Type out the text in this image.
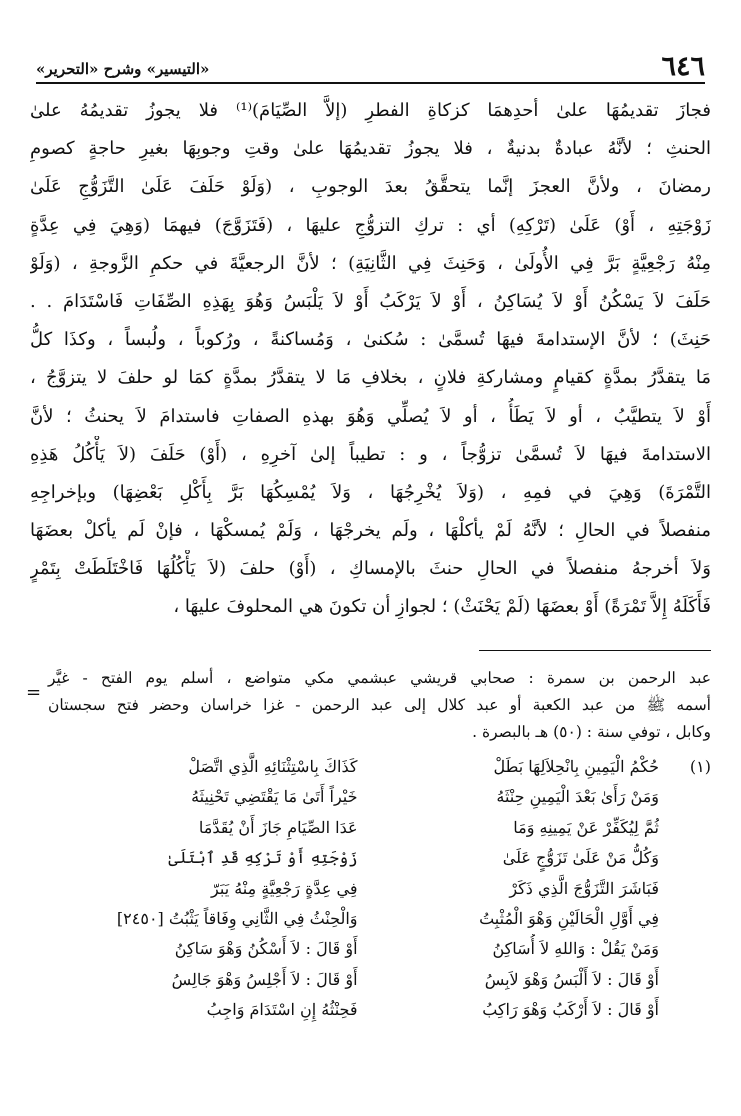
٦٤٦
«التيسير» وشرح «التحرير»
فجازَ تقديمُهَا علىٰ أحدِهمَا كزكاةِ الفطرِ (إلاَّ الصِّيَامَ)⁽¹⁾ فلا يجوزُ تقديمُهُ علىٰ
الحنثِ ؛ لأنَّهُ عبادةٌ بدنيةٌ ، فلا يجوزُ تقديمُهَا علىٰ وقتِ وجوبِهَا بغيرِ حاجةٍ كصومِ
رمضانَ ، ولأنَّ العجزَ إنَّما يتحقَّقُ بعدَ الوجوبِ ، (وَلَوْ حَلَفَ عَلَىٰ التَّزَوُّجِ عَلَىٰ
زَوْجَتِهِ ، أَوْ) عَلَىٰ (تَرْكِهِ) أي : تركِ التزوُّجِ عليهَا ، (فَتَزَوَّجَ) فيهمَا (وَهِيَ فِي عِدَّةٍ
مِنْهُ رَجْعِيَّةٍ بَرَّ فِي الأُولَىٰ ، وَحَنِثَ فِي الثَّانِيَةِ) ؛ لأنَّ الرجعيَّةَ في حكمِ الزَّوجةِ ، (وَلَوْ
حَلَفَ لاَ يَسْكُنُ أَوْ لاَ يُسَاكِنُ ، أَوْ لاَ يَرْكَبُ أَوْ لاَ يَلْبَسُ وَهُوَ بِهَذِهِ الصِّفَاتِ فَاسْتَدَامَ . .
حَنِثَ) ؛ لأنَّ الإستدامةَ فيهَا تُسمَّىٰ : سُكنىٰ ، وَمُساكنةً ، ورُكوباً ، ولُبساً ، وكذَا كلُّ
مَا يتقدَّرُ بمدَّةٍ كقيامٍ ومشاركةِ فلانٍ ، بخلافِ مَا لا يتقدَّرُ بمدَّةٍ كمَا لو حلفَ لا يتزوَّجُ ،
أَوْ لاَ يتطيَّبُ ، أو لاَ يَطَأُ ، أو لاَ يُصلِّي وَهُوَ بهذهِ الصفاتِ فاستدامَ لاَ يحنثُ ؛ لأنَّ
الاستدامةَ فيهَا لاَ تُسمَّىٰ تزوُّجاً ، و : تطيباً إلىٰ آخرِهِ ، (أَوْ) حَلَفَ (لاَ يَأْكُلُ هَذِهِ
التَّمْرَةَ) وَهِيَ في فمِهِ ، (وَلاَ يُخْرِجُهَا ، وَلاَ يُمْسِكُهَا بَرَّ بِأَكْلِ بَعْضِهَا) وبإخراجِهِ
منفصلاً في الحالِ ؛ لأنَّهُ لَمْ يأكلْهَا ، ولَم يخرجْهَا ، وَلَمْ يُمسكْهَا ، فإنْ لَم يأكلْ بعضَهَا
وَلاَ أخرجهُ منفصلاً في الحالِ حنثَ بالإمساكِ ، (أَوْ) حلفَ (لاَ يَأْكُلُهَا فَاخْتَلَطَتْ بِتَمْرٍ
فَأَكَلَهُ إِلاَّ تَمْرَةً) أَوْ بعضَهَا (لَمْ يَحْنَثْ) ؛ لجوازِ أن تكونَ هي المحلوفَ عليهَا ،
=
عبد الرحمن بن سمرة : صحابي قريشي عبشمي مكي متواضع ، أسلم يوم الفتح - غيَّر
أسمه ﷺ من عبد الكعبة أو عبد كلال إلى عبد الرحمن - غزا خراسان وحضر فتح سجستان
وكابل ، توفي سنة : (٥٠) هـ بالبصرة .
(١)
حُكْمُ الْيَمِينِ بِانْحِلاَلِهَا بَطَلْ
كَذَاكَ بِاسْتِثْنَائِهِ الَّذِي اتَّصَلْ
وَمَنْ رَأَىٰ بَعْدَ الْيَمِينِ حِنْثَهُ
خَيْراً أَتَىٰ مَا يَقْتَضِي تَحْنِيثَهُ
ثُمَّ لِيُكَفِّرْ عَنْ يَمِينِهِ وَمَا
عَدَا الصِّيَامِ جَازَ أَنْ يُقَدَّمَا
وَكُلُّ مَنْ عَلَىٰ تَزَوُّجٍ عَلَىٰ
زَوْجَتِهِ أَوْ تَرْكِهِ قَدِ ٱبْتَلَىٰ
فَبَاشَرَ التَّزَوُّجَ الَّذِي ذَكَرْ
فِي عِدَّةٍ رَجْعِيَّةٍ مِنْهُ يَبَرّ
فِي أَوَّلِ الْحَالَيْنِ وَهْوَ الْمُثْبِتُ
وَالْحِنْثُ فِي الثَّانِي وِفَاقاً يَثْبُتُ [٢٤٥٠]
وَمَنْ يَقُلْ : وَاللهِ لاَ أُسَاكِنُ
أَوْ قَالَ : لاَ أَسْكُنُ وَهْوَ سَاكِنُ
أَوْ قَالَ : لاَ أَلْبَسُ وَهْوَ لاَبِسُ
أَوْ قَالَ : لاَ أَجْلِسُ وَهْوَ جَالِسُ
أَوْ قَالَ : لاَ أَرْكَبُ وَهْوَ رَاكِبُ
فَحِنْثُهُ إِنِ اسْتَدَامَ وَاجِبُ
